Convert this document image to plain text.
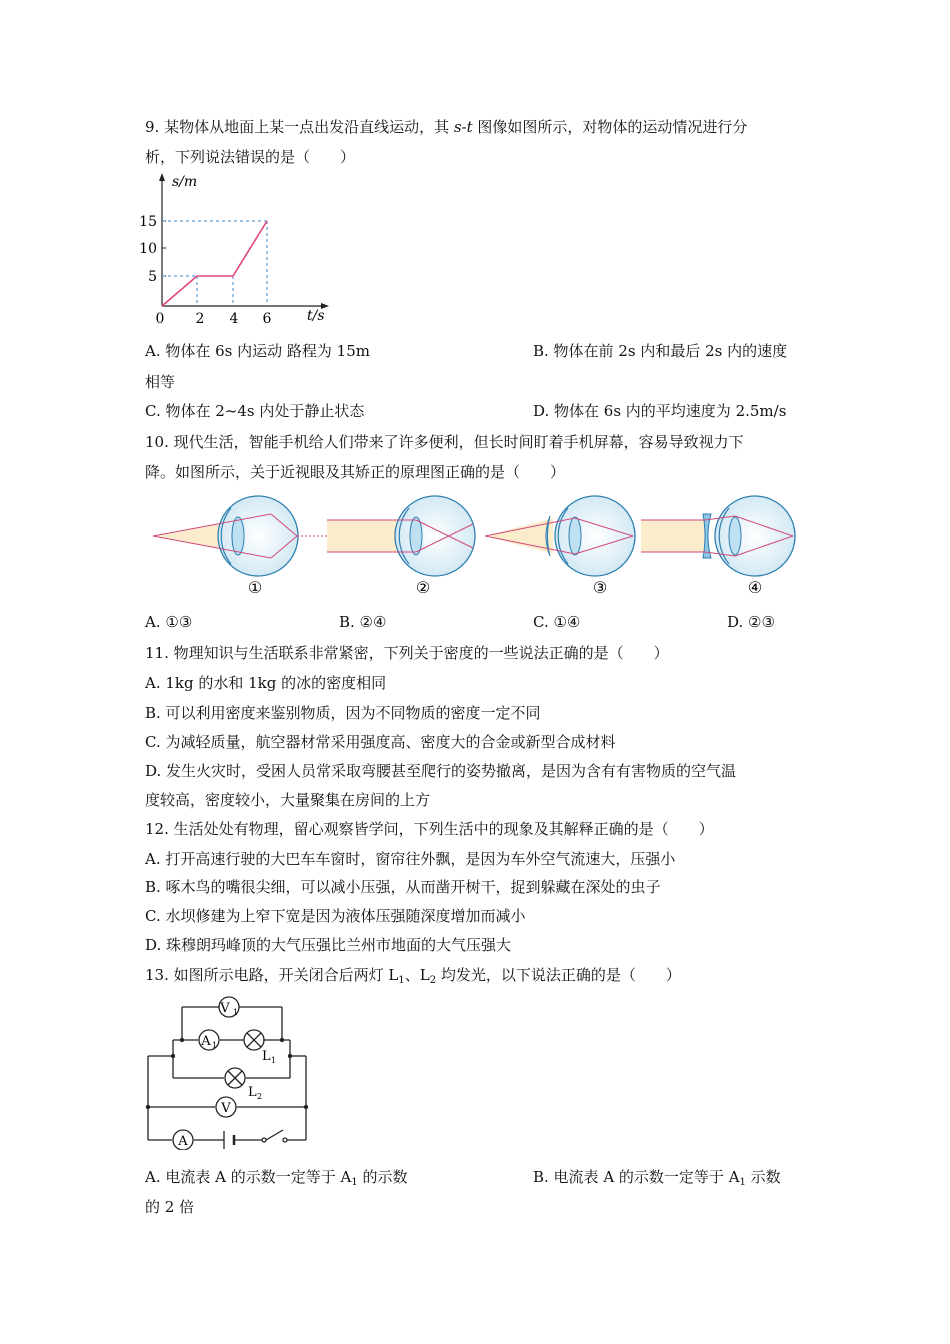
9. 某物体从地面上某一点出发沿直线运动，其 s-t 图像如图所示，对物体的运动情况进行分
析，下列说法错误的是（　　）
s/m
t/s
15
10
5
0 2 4 6
A. 物体在 6s 内运动 路程为 15m	B. 物体在前 2s 内和最后 2s 内的速度
相等
C. 物体在 2~4s 内处于静止状态	D. 物体在 6s 内的平均速度为 2.5m/s
10. 现代生活，智能手机给人们带来了许多便利，但长时间盯着手机屏幕，容易导致视力下
降。如图所示，关于近视眼及其矫正的原理图正确的是（　　）
①	②	③	④
A. ①③	B. ②④	C. ①④	D. ②③
11. 物理知识与生活联系非常紧密，下列关于密度的一些说法正确的是（　　）
A. 1kg 的水和 1kg 的冰的密度相同
B. 可以利用密度来鉴别物质，因为不同物质的密度一定不同
C. 为减轻质量，航空器材常采用强度高、密度大的合金或新型合成材料
D. 发生火灾时，受困人员常采取弯腰甚至爬行的姿势撤离，是因为含有有害物质的空气温
度较高，密度较小，大量聚集在房间的上方
12. 生活处处有物理，留心观察皆学问，下列生活中的现象及其解释正确的是（　　）
A. 打开高速行驶的大巴车车窗时，窗帘往外飘，是因为车外空气流速大，压强小
B. 啄木鸟的嘴很尖细，可以减小压强，从而凿开树干，捉到躲藏在深处的虫子
C. 水坝修建为上窄下宽是因为液体压强随深度增加而减小
D. 珠穆朗玛峰顶的大气压强比兰州市地面的大气压强大
13. 如图所示电路，开关闭合后两灯 $L_1$、$L_2$ 均发光，以下说法正确的是（　　）
V 1
A 1
L 1
L 2
V
A
A. 电流表 A 的示数一定等于 $A_1$ 的示数	B. 电流表 A 的示数一定等于 $A_1$ 示数
的 2 倍
